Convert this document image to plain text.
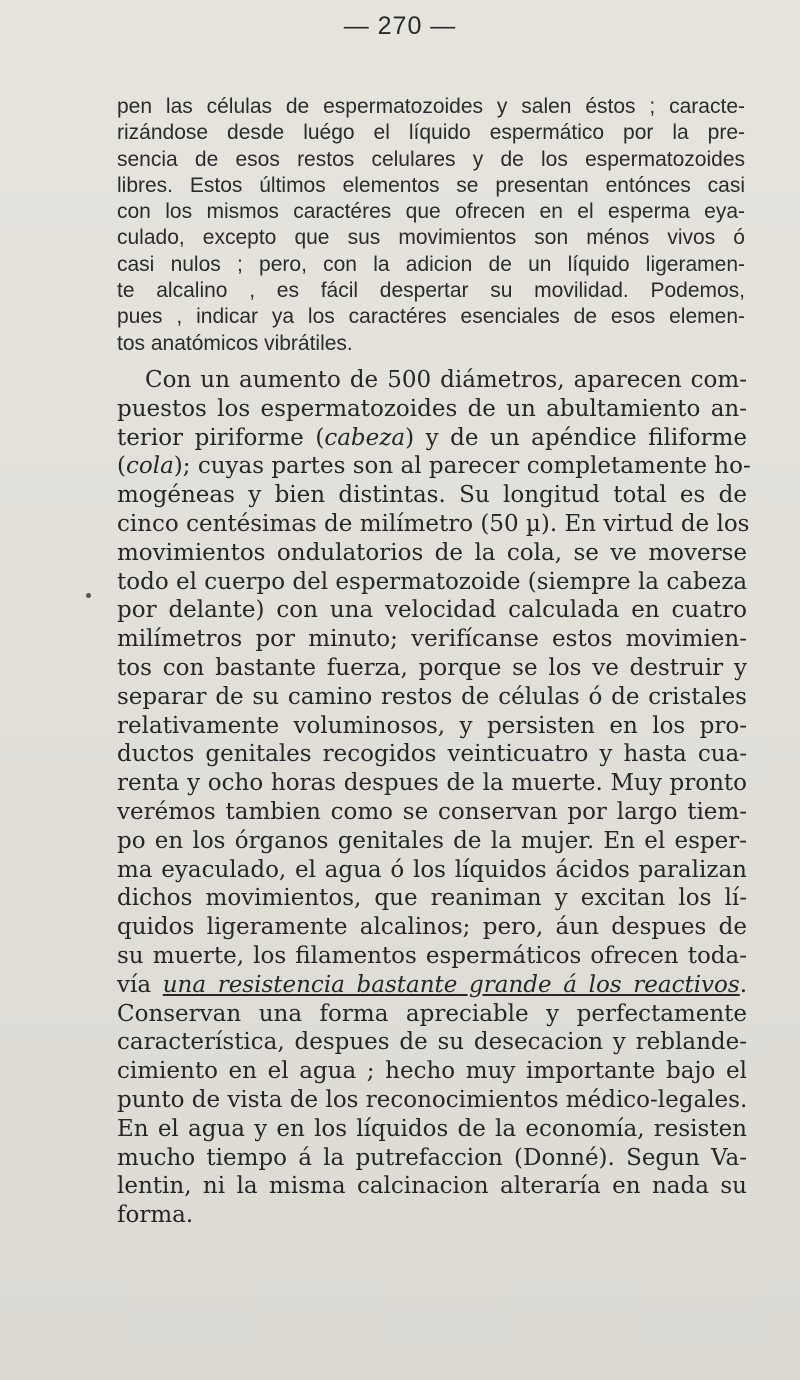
— 270 —
pen las células de espermatozoides y salen éstos ; caracte-
rizándose desde luégo el líquido espermático por la pre-
sencia de esos restos celulares y de los espermatozoides
libres. Estos últimos elementos se presentan entónces casi
con los mismos caractéres que ofrecen en el esperma eya-
culado, excepto que sus movimientos son ménos vivos ó
casi nulos ; pero, con la adicion de un líquido ligeramen-
te alcalino , es fácil despertar su movilidad. Podemos,
pues , indicar ya los caractéres esenciales de esos elemen-
tos anatómicos vibrátiles.
Con un aumento de 500 diámetros, aparecen com-
puestos los espermatozoides de un abultamiento an-
terior piriforme (cabeza) y de un apéndice filiforme
(cola); cuyas partes son al parecer completamente ho-
mogéneas y bien distintas. Su longitud total es de
cinco centésimas de milímetro (50 µ). En virtud de los
movimientos ondulatorios de la cola, se ve moverse
todo el cuerpo del espermatozoide (siempre la cabeza
por delante) con una velocidad calculada en cuatro
milímetros por minuto; verifícanse estos movimien-
tos con bastante fuerza, porque se los ve destruir y
separar de su camino restos de células ó de cristales
relativamente voluminosos, y persisten en los pro-
ductos genitales recogidos veinticuatro y hasta cua-
renta y ocho horas despues de la muerte. Muy pronto
verémos tambien como se conservan por largo tiem-
po en los órganos genitales de la mujer. En el esper-
ma eyaculado, el agua ó los líquidos ácidos paralizan
dichos movimientos, que reaniman y excitan los lí-
quidos ligeramente alcalinos; pero, áun despues de
su muerte, los filamentos espermáticos ofrecen toda-
vía una resistencia bastante grande á los reactivos.
Conservan una forma apreciable y perfectamente
característica, despues de su desecacion y reblande-
cimiento en el agua ; hecho muy importante bajo el
punto de vista de los reconocimientos médico-legales.
En el agua y en los líquidos de la economía, resisten
mucho tiempo á la putrefaccion (Donné). Segun Va-
lentin, ni la misma calcinacion alteraría en nada su
forma.
